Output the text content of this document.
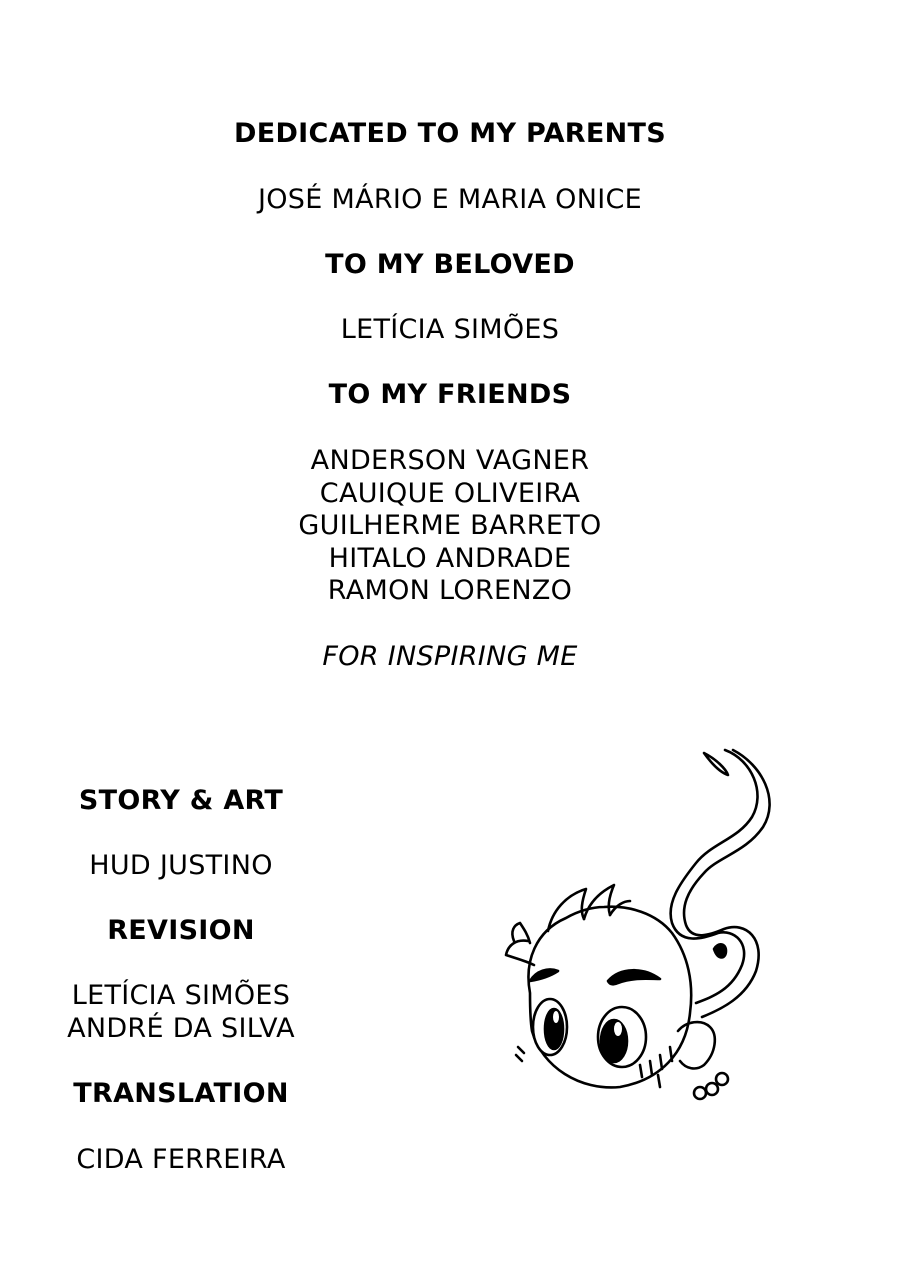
DEDICATED TO MY PARENTS
JOSÉ MÁRIO E MARIA ONICE
TO MY BELOVED
LETÍCIA SIMÕES
TO MY FRIENDS
ANDERSON VAGNER
CAUIQUE OLIVEIRA
GUILHERME BARRETO
HITALO ANDRADE
RAMON LORENZO
FOR INSPIRING ME
STORY & ART
HUD JUSTINO
REVISION
LETÍCIA SIMÕES
ANDRÉ DA SILVA
TRANSLATION
CIDA FERREIRA
